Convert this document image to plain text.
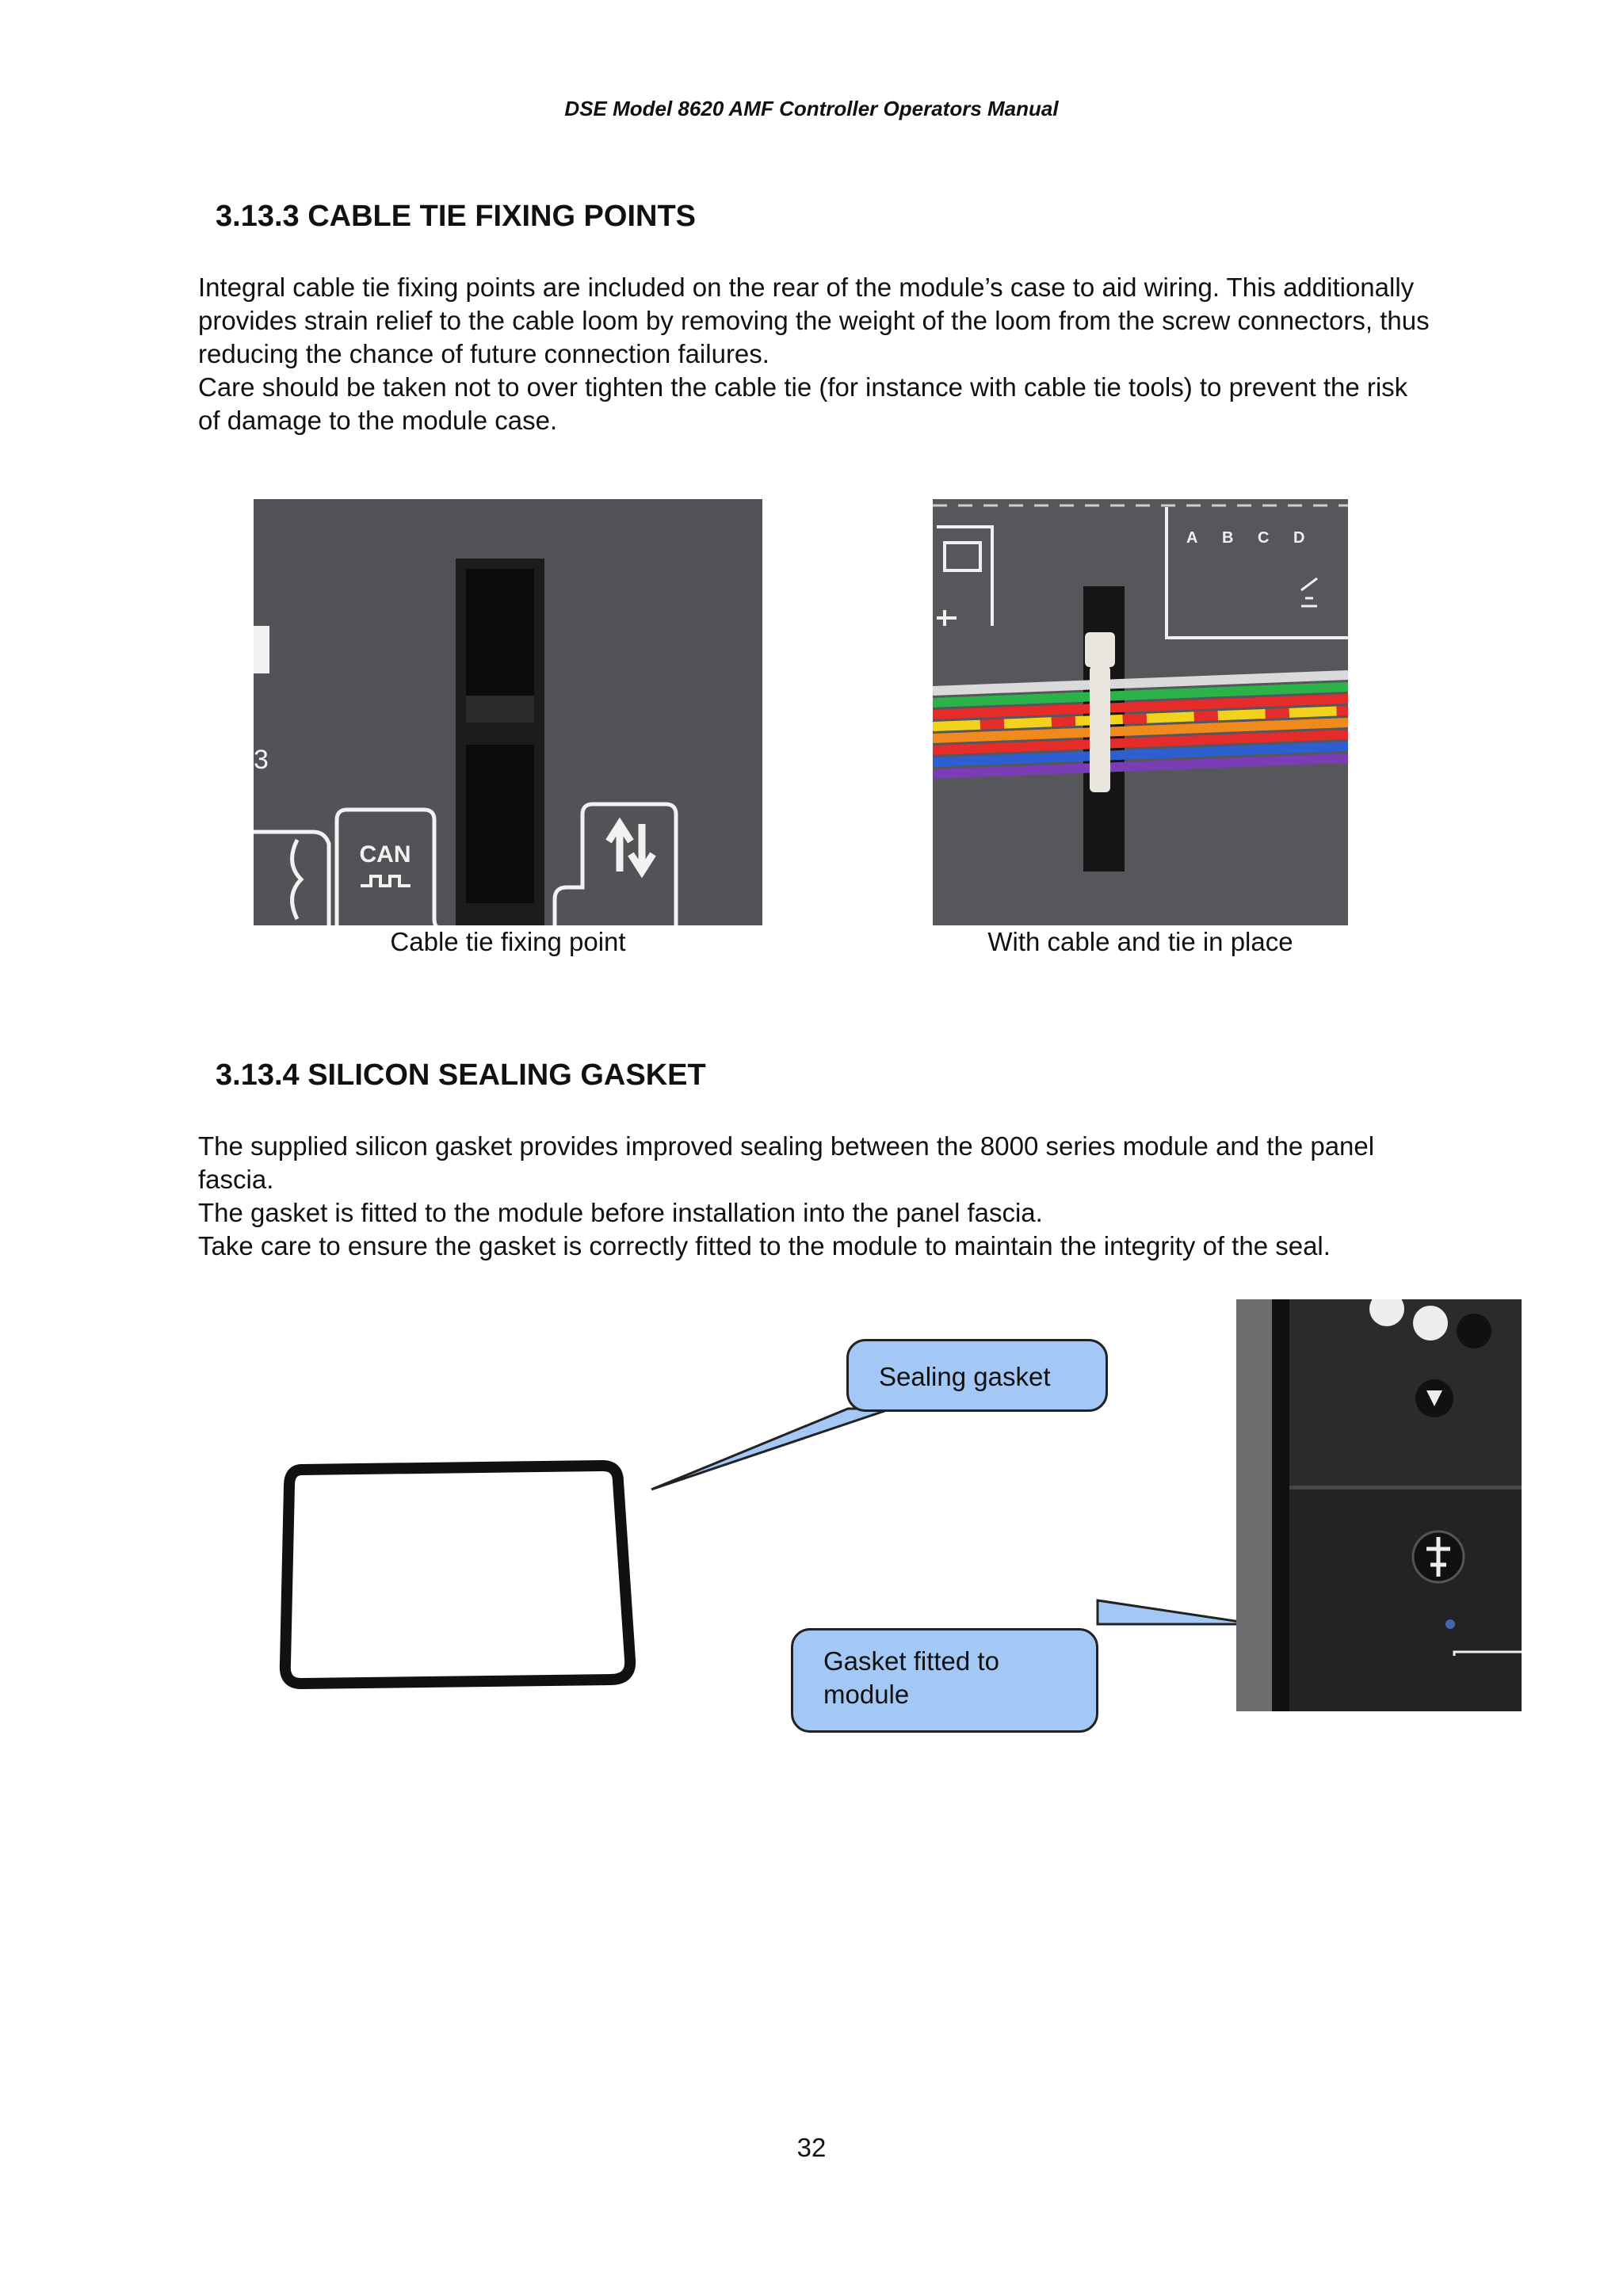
DSE Model 8620 AMF Controller Operators Manual
3.13.3 CABLE TIE FIXING POINTS

Integral cable tie fixing points are included on the rear of the module’s case to aid wiring. This additionally provides strain relief to the cable loom by removing the weight of the loom from the screw connectors, thus reducing the chance of future connection failures.

Care should be taken not to over tighten the cable tie (for instance with cable tie tools) to prevent the risk of damage to the module case.

3
CAN
Cable tie fixing point
A B C D
With cable and tie in place
3.13.4 SILICON SEALING GASKET

The supplied silicon gasket provides improved sealing between the 8000 series module and the panel fascia.

The gasket is fitted to the module before installation into the panel fascia.

Take care to ensure the gasket is correctly fitted to the module to maintain the integrity of the seal.

Sealing gasket
Gasket fitted to module
32
